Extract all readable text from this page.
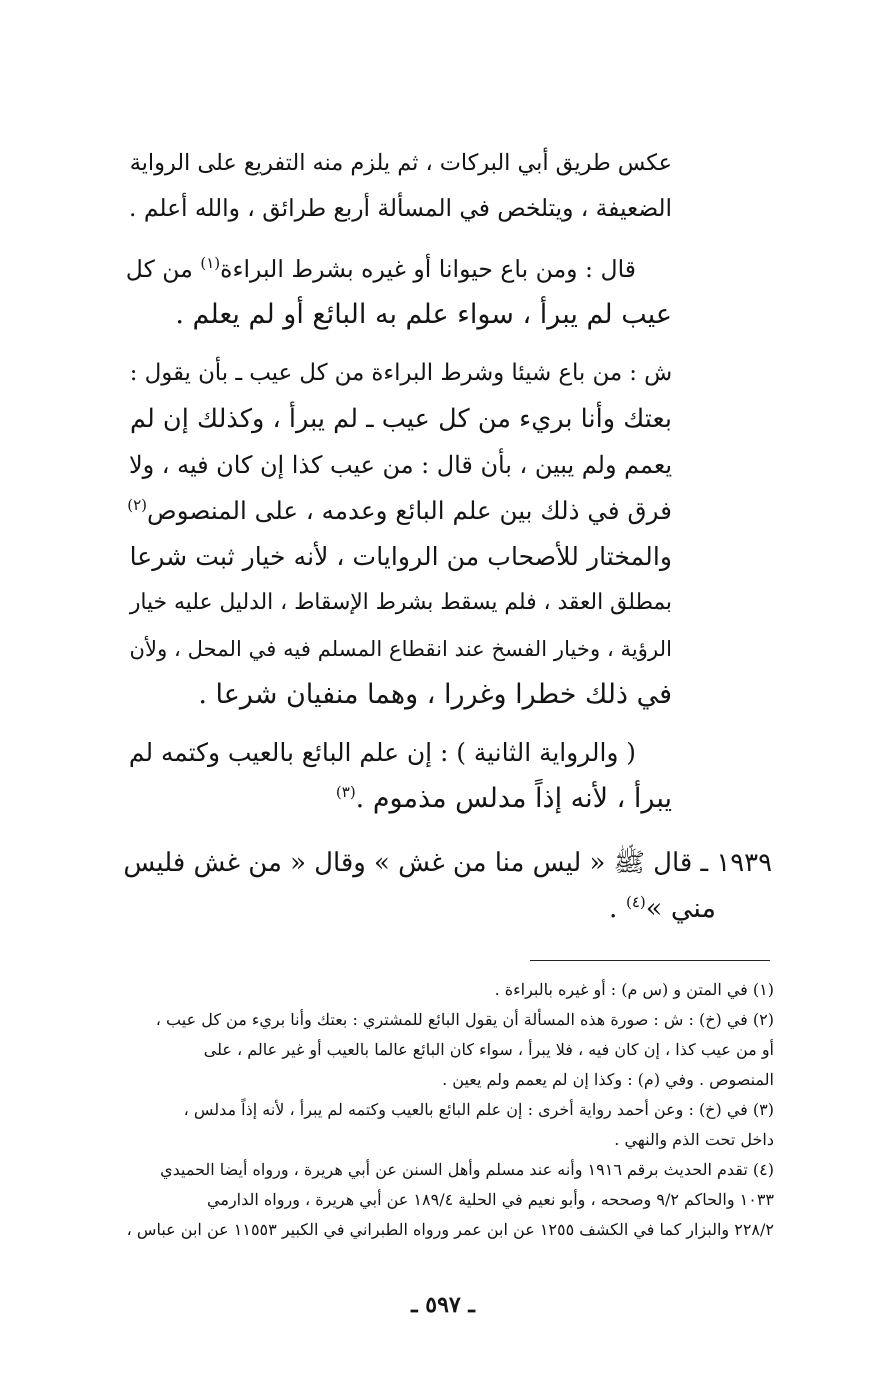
عكس طريق أبي البركات ، ثم يلزم منه التفريع على الرواية
الضعيفة ، ويتلخص في المسألة أربع طرائق ، والله أعلم .
قال : ومن باع حيوانا أو غيره بشرط البراءة$^{(١)}$ من كل
عيب لم يبرأ ، سواء علم به البائع أو لم يعلم .
ش : من باع شيئا وشرط البراءة من كل عيب ـ بأن يقول :
بعتك وأنا بريء من كل عيب ـ لم يبرأ ، وكذلك إن لم
يعمم ولم يبين ، بأن قال : من عيب كذا إن كان فيه ، ولا
فرق في ذلك بين علم البائع وعدمه ، على المنصوص$^{(٢)}$
والمختار للأصحاب من الروايات ، لأنه خيار ثبت شرعا
بمطلق العقد ، فلم يسقط بشرط الإسقاط ، الدليل عليه خيار
الرؤية ، وخيار الفسخ عند انقطاع المسلم فيه في المحل ، ولأن
في ذلك خطرا وغررا ، وهما منفيان شرعا .
( والرواية الثانية ) : إن علم البائع بالعيب وكتمه لم
يبرأ ، لأنه إذاً مدلس مذموم .$^{(٣)}$
١٩٣٩ ـ قال ﷺ « ليس منا من غش » وقال « من غش فليس
مني »$^{(٤)}$ .
(١) في المتن و (س م) : أو غيره بالبراءة .
(٢) في (خ) : ش : صورة هذه المسألة أن يقول البائع للمشتري : بعتك وأنا بريء من كل عيب ،
أو من عيب كذا ، إن كان فيه ، فلا يبرأ ، سواء كان البائع عالما بالعيب أو غير عالم ، على
المنصوص . وفي (م) : وكذا إن لم يعمم ولم يعين .
(٣) في (خ) : وعن أحمد رواية أخرى : إن علم البائع بالعيب وكتمه لم يبرأ ، لأنه إذاً مدلس ،
داخل تحت الذم والنهي .
(٤) تقدم الحديث برقم ١٩١٦ وأنه عند مسلم وأهل السنن عن أبي هريرة ، ورواه أيضا الحميدي
١٠٣٣ والحاكم ٩/٢ وصححه ، وأبو نعيم في الحلية ١٨٩/٤ عن أبي هريرة ، ورواه الدارمي
٢٢٨/٢ والبزار كما في الكشف ١٢٥٥ عن ابن عمر ورواه الطبراني في الكبير ١١٥٥٣ عن ابن عباس ،
ـ ٥٩٧ ـ
